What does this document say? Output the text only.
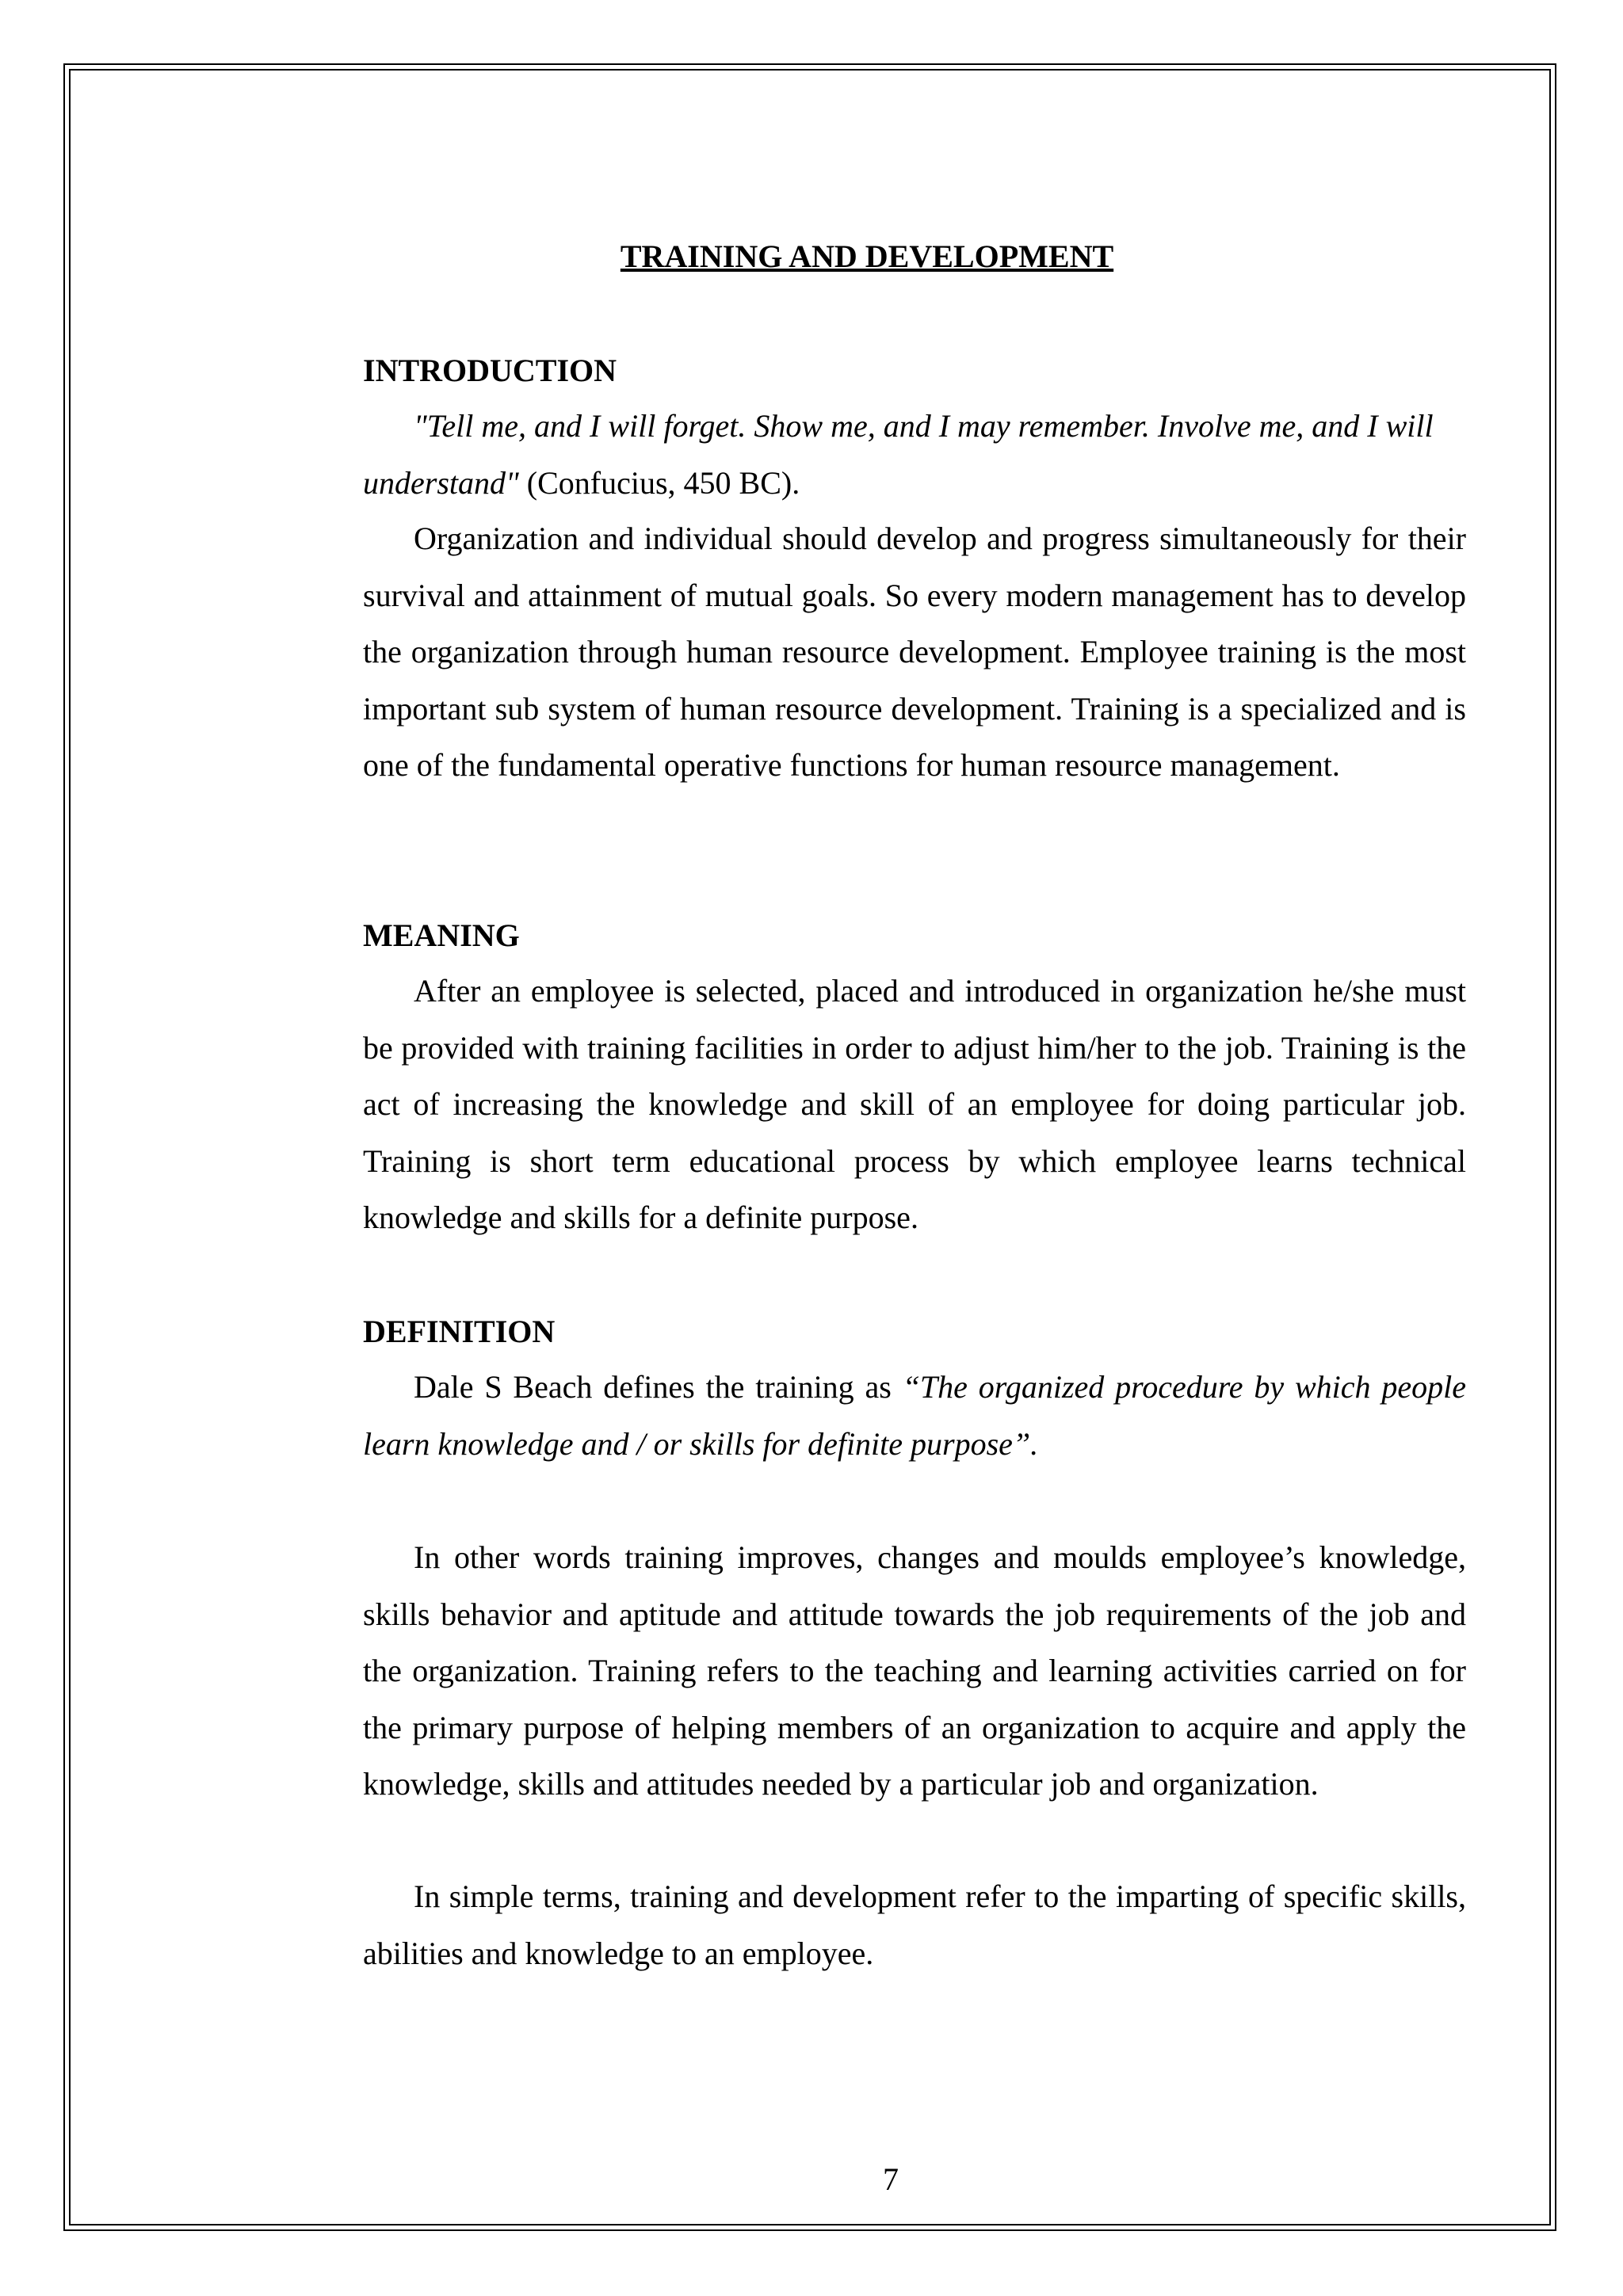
TRAINING AND DEVELOPMENT
INTRODUCTION

"Tell me, and I will forget. Show me, and I may remember. Involve me, and I will understand" (Confucius, 450 BC).

Organization and individual should develop and progress simultaneously for their survival and attainment of mutual goals. So every modern management has to develop the organization through human resource development. Employee training is the most important sub system of human resource development. Training is a specialized and is one of the fundamental operative functions for human resource management.

MEANING

After an employee is selected, placed and introduced in organization he/she must be provided with training facilities in order to adjust him/her to the job. Training is the act of increasing the knowledge and skill of an employee for doing particular job. Training is short term educational process by which employee learns technical knowledge and skills for a definite purpose.

DEFINITION

Dale S Beach defines the training as “The organized procedure by which people learn knowledge and / or skills for definite purpose”.

In other words training improves, changes and moulds employee’s knowledge, skills behavior and aptitude and attitude towards the job requirements of the job and the organization. Training refers to the teaching and learning activities carried on for the primary purpose of helping members of an organization to acquire and apply the knowledge, skills and attitudes needed by a particular job and organization.

In simple terms, training and development refer to the imparting of specific skills, abilities and knowledge to an employee.

7
